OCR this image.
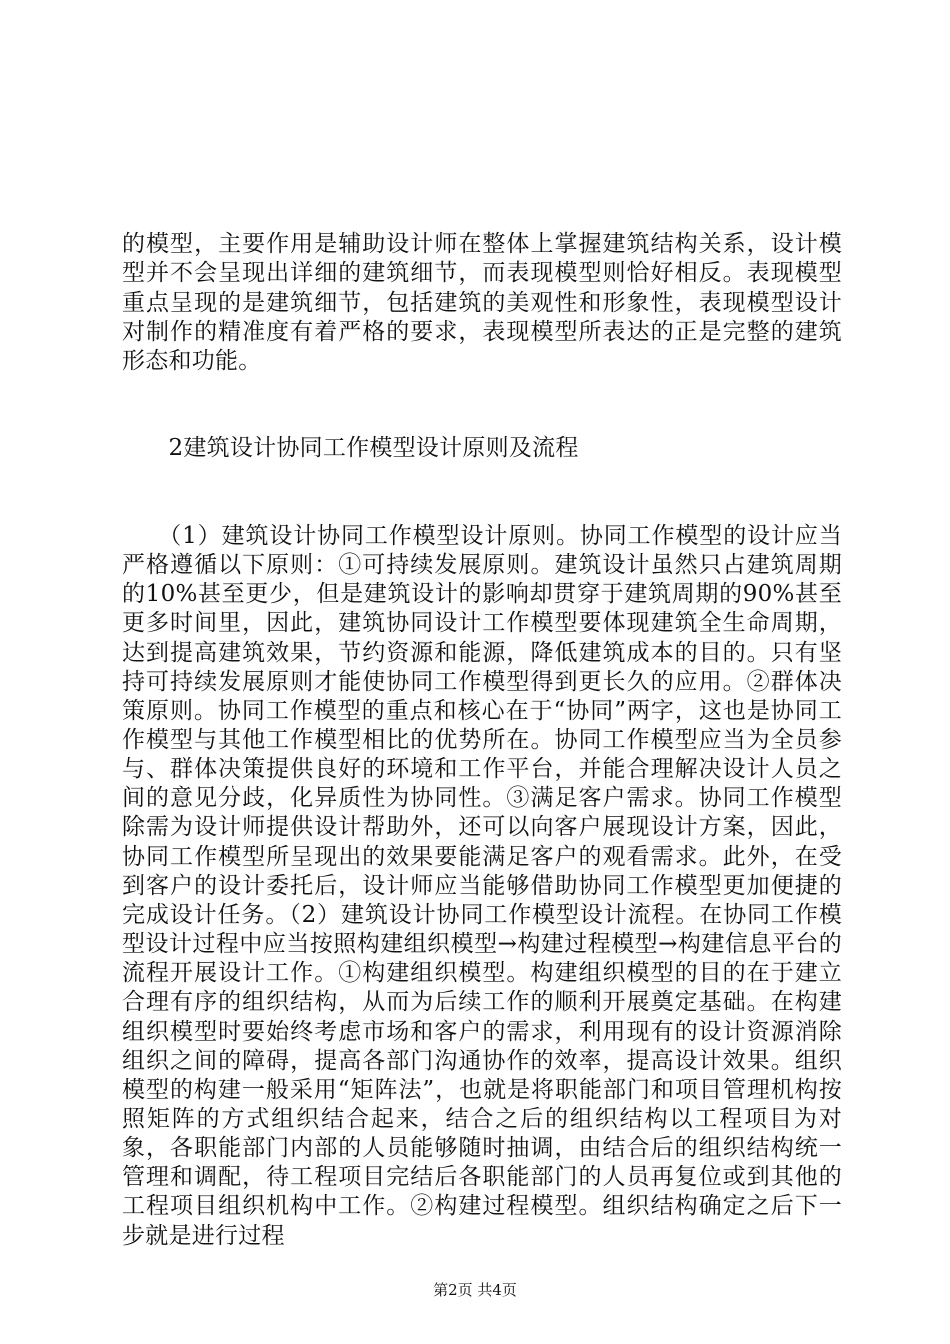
的模型，主要作用是辅助设计师在整体上掌握建筑结构关系，设计模型并不会呈现出详细的建筑细节，而表现模型则恰好相反。表现模型重点呈现的是建筑细节，包括建筑的美观性和形象性，表现模型设计对制作的精准度有着严格的要求，表现模型所表达的正是完整的建筑形态和功能。

　　2建筑设计协同工作模型设计原则及流程

　　（1）建筑设计协同工作模型设计原则。协同工作模型的设计应当严格遵循以下原则：①可持续发展原则。建筑设计虽然只占建筑周期的10%甚至更少，但是建筑设计的影响却贯穿于建筑周期的90%甚至更多时间里，因此，建筑协同设计工作模型要体现建筑全生命周期，达到提高建筑效果，节约资源和能源，降低建筑成本的目的。只有坚持可持续发展原则才能使协同工作模型得到更长久的应用。②群体决策原则。协同工作模型的重点和核心在于“协同”两字，这也是协同工作模型与其他工作模型相比的优势所在。协同工作模型应当为全员参与、群体决策提供良好的环境和工作平台，并能合理解决设计人员之间的意见分歧，化异质性为协同性。③满足客户需求。协同工作模型除需为设计师提供设计帮助外，还可以向客户展现设计方案，因此，协同工作模型所呈现出的效果要能满足客户的观看需求。此外，在受到客户的设计委托后，设计师应当能够借助协同工作模型更加便捷的完成设计任务。（2）建筑设计协同工作模型设计流程。在协同工作模型设计过程中应当按照构建组织模型→构建过程模型→构建信息平台的流程开展设计工作。①构建组织模型。构建组织模型的目的在于建立合理有序的组织结构，从而为后续工作的顺利开展奠定基础。在构建组织模型时要始终考虑市场和客户的需求，利用现有的设计资源消除组织之间的障碍，提高各部门沟通协作的效率，提高设计效果。组织模型的构建一般采用“矩阵法”，也就是将职能部门和项目管理机构按照矩阵的方式组织结合起来，结合之后的组织结构以工程项目为对象，各职能部门内部的人员能够随时抽调，由结合后的组织结构统一管理和调配，待工程项目完结后各职能部门的人员再复位或到其他的工程项目组织机构中工作。②构建过程模型。组织结构确定之后下一步就是进行过程

第2页 共4页
